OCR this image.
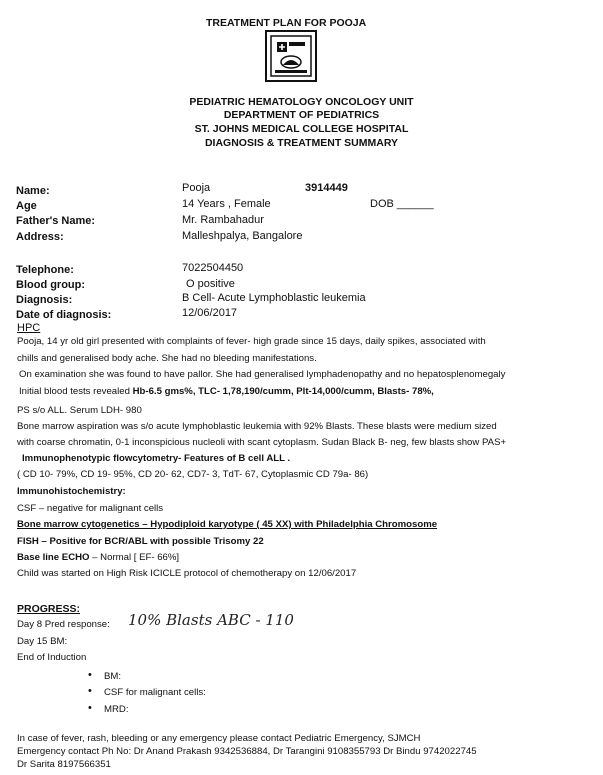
TREATMENT PLAN FOR POOJA
PEDIATRIC HEMATOLOGY ONCOLOGY UNIT
DEPARTMENT OF PEDIATRICS
ST. JOHNS MEDICAL COLLEGE HOSPITAL
DIAGNOSIS & TREATMENT SUMMARY
Name:	Pooja	3914449
Age	14 Years , Female	DOB ______
Father's Name:	Mr. Rambahadur
Address:	Malleshpalya, Bangalore
Telephone:	7022504450
Blood group:	O positive
Diagnosis:	B Cell- Acute Lymphoblastic leukemia
Date of diagnosis:	12/06/2017
HPC
Pooja, 14 yr old girl presented with complaints of fever- high grade since 15 days, daily spikes, associated with
chills and generalised body ache. She had no bleeding manifestations.
On examination she was found to have pallor. She had generalised lymphadenopathy and no hepatosplenomegaly
Initial blood tests revealed Hb-6.5 gms%, TLC- 1,78,190/cumm, Plt-14,000/cumm, Blasts- 78%,
PS s/o ALL. Serum LDH- 980
Bone marrow aspiration was s/o acute lymphoblastic leukemia with 92% Blasts. These blasts were medium sized
with coarse chromatin, 0-1 inconspicious nucleoli with scant cytoplasm. Sudan Black B- neg, few blasts show PAS+
Immunophenotypic flowcytometry- Features of B cell ALL .
( CD 10- 79%, CD 19- 95%, CD 20- 62, CD7- 3, TdT- 67, Cytoplasmic CD 79a- 86)
Immunohistochemistry:
CSF – negative for malignant cells
Bone marrow cytogenetics – Hypodiploid karyotype ( 45 XX) with Philadelphia Chromosome
FISH – Positive for BCR/ABL with possible Trisomy 22
Base line ECHO – Normal [ EF- 66%]
Child was started on High Risk ICICLE protocol of chemotherapy on 12/06/2017
PROGRESS:
Day 8 Pred response: 10% Blasts ABC - 110
Day 15 BM:
End of Induction
• BM:
• CSF for malignant cells:
• MRD:
In case of fever, rash, bleeding or any emergency please contact Pediatric Emergency, SJMCH
Emergency contact Ph No: Dr Anand Prakash 9342536884, Dr Tarangini 9108355793 Dr Bindu 9742022745
Dr Sarita 8197566351
